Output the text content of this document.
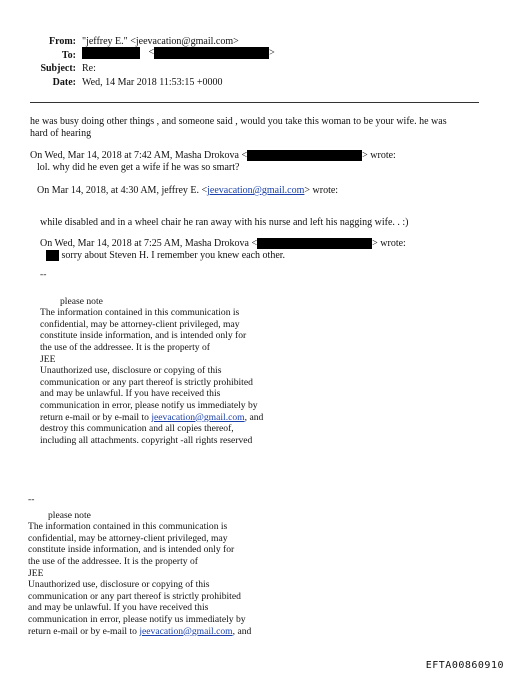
From: "jeffrey E." <jeevacation@gmail.com>
To:	<	>
Subject: Re:
Date: Wed, 14 Mar 2018 11:53:15 +0000
he was busy doing other things , and someone said , would you take this woman to be your wife. he was
hard of hearing
On Wed, Mar 14, 2018 at 7:42 AM, Masha Drokova <	> wrote:
lol. why did he even get a wife if he was so smart?
On Mar 14, 2018, at 4:30 AM, jeffrey E. <jeevacation@gmail.com> wrote:
while disabled and in a wheel chair he ran away with his nurse and left his nagging wife. . :)
On Wed, Mar 14, 2018 at 7:25 AM, Masha Drokova <	> wrote:
sorry about Steven H. I remember you knew each other.
--
please note
The information contained in this communication is
confidential, may be attorney-client privileged, may
constitute inside information, and is intended only for
the use of the addressee. It is the property of
JEE
Unauthorized use, disclosure or copying of this
communication or any part thereof is strictly prohibited
and may be unlawful. If you have received this
communication in error, please notify us immediately by
return e-mail or by e-mail to jeevacation@gmail.com, and
destroy this communication and all copies thereof,
including all attachments. copyright -all rights reserved
--
please note
The information contained in this communication is
confidential, may be attorney-client privileged, may
constitute inside information, and is intended only for
the use of the addressee. It is the property of
JEE
Unauthorized use, disclosure or copying of this
communication or any part thereof is strictly prohibited
and may be unlawful. If you have received this
communication in error, please notify us immediately by
return e-mail or by e-mail to jeevacation@gmail.com, and
EFTA00860910
